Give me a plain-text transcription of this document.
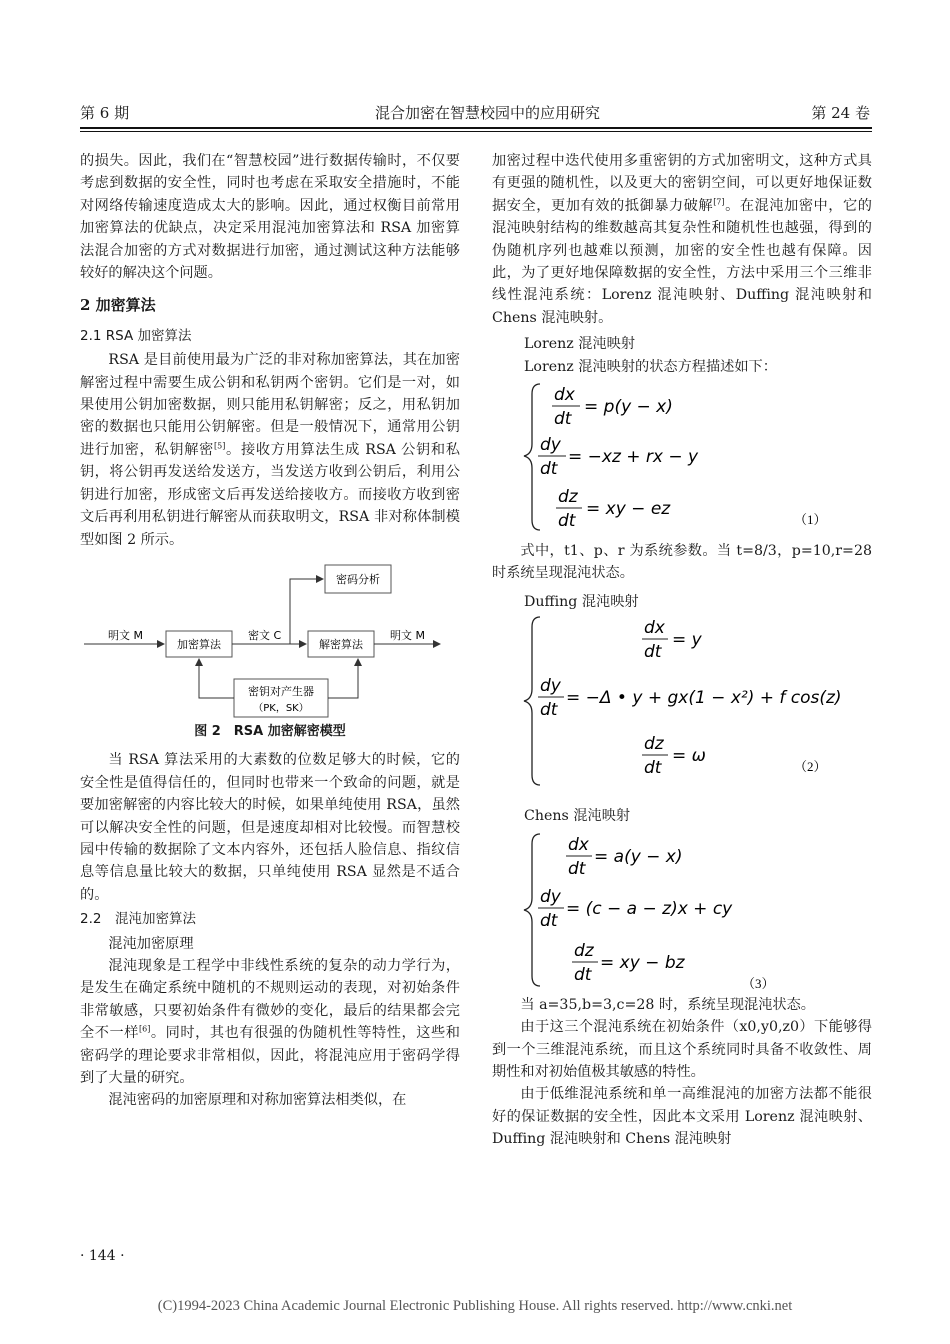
第 6 期	混合加密在智慧校园中的应用研究	第 24 卷

的损失。因此，我们在“智慧校园”进行数据传输时，不仅要考虑到数据的安全性，同时也考虑在采取安全措施时，不能对网络传输速度造成太大的影响。因此，通过权衡目前常用加密算法的优缺点，决定采用混沌加密算法和 RSA 加密算法混合加密的方式对数据进行加密，通过测试这种方法能够较好的解决这个问题。

2 加密算法
2.1 RSA 加密算法

RSA 是目前使用最为广泛的非对称加密算法，其在加密解密过程中需要生成公钥和私钥两个密钥。它们是一对，如果使用公钥加密数据，则只能用私钥解密；反之，用私钥加密的数据也只能用公钥解密。但是一般情况下，通常用公钥进行加密，私钥解密[5]。接收方用算法生成 RSA 公钥和私钥，将公钥再发送给发送方，当发送方收到公钥后，利用公钥进行加密，形成密文后再发送给接收方。而接收方收到密文后再利用私钥进行解密从而获取明文，RSA 非对称体制模型如图 2 所示。

密码分析
加密算法	解密算法
密钥对产生器
（PK，SK）
明文 M	密文 C	明文 M
图 2　RSA 加密解密模型

当 RSA 算法采用的大素数的位数足够大的时候，它的安全性是值得信任的，但同时也带来一个致命的问题，就是要加密解密的内容比较大的时候，如果单纯使用 RSA，虽然可以解决安全性的问题，但是速度却相对比较慢。而智慧校园中传输的数据除了文本内容外，还包括人脸信息、指纹信息等信息量比较大的数据，只单纯使用 RSA 显然是不适合的。

2.2　混沌加密算法

混沌加密原理

混沌现象是工程学中非线性系统的复杂的动力学行为，是发生在确定系统中随机的不规则运动的表现，对初始条件非常敏感，只要初始条件有微妙的变化，最后的结果都会完全不一样[6]。同时，其也有很强的伪随机性等特性，这些和密码学的理论要求非常相似，因此，将混沌应用于密码学得到了大量的研究。

混沌密码的加密原理和对称加密算法相类似，在

加密过程中迭代使用多重密钥的方式加密明文，这种方式具有更强的随机性，以及更大的密钥空间，可以更好地保证数据安全，更加有效的抵御暴力破解[7]。在混沌加密中，它的混沌映射结构的维数越高其复杂性和随机性也越强，得到的伪随机序列也越难以预测，加密的安全性也越有保障。因此，为了更好地保障数据的安全性，方法中采用三个三维非线性混沌系统：Lorenz 混沌映射、Duffing 混沌映射和 Chens 混沌映射。

Lorenz 混沌映射

Lorenz 混沌映射的状态方程描述如下：

dx
dt
= p(y − x)
dy
dt
= −xz + rx − y
dz
dt
= xy − ez
（1）

式中，t1、p、r 为系统参数。当 t=8/3，p=10,r=28 时系统呈现混沌状态。

Duffing 混沌映射

dx
dt
= y
dy
dt
= −Δ • y + gx(1 − x²) + f cos(z)
dz
dt
= ω
（2）

Chens 混沌映射

dx
dt
= a(y − x)
dy
dt
= (c − a − z)x + cy
dz
dt
= xy − bz
（3）

当 a=35,b=3,c=28 时，系统呈现混沌状态。

由于这三个混沌系统在初始条件（x0,y0,z0）下能够得到一个三维混沌系统，而且这个系统同时具备不收敛性、周期性和对初始值极其敏感的特性。

由于低维混沌系统和单一高维混沌的加密方法都不能很好的保证数据的安全性，因此本文采用 Lorenz 混沌映射、Duffing 混沌映射和 Chens 混沌映射

· 144 ·
(C)1994-2023 China Academic Journal Electronic Publishing House. All rights reserved. http://www.cnki.net
